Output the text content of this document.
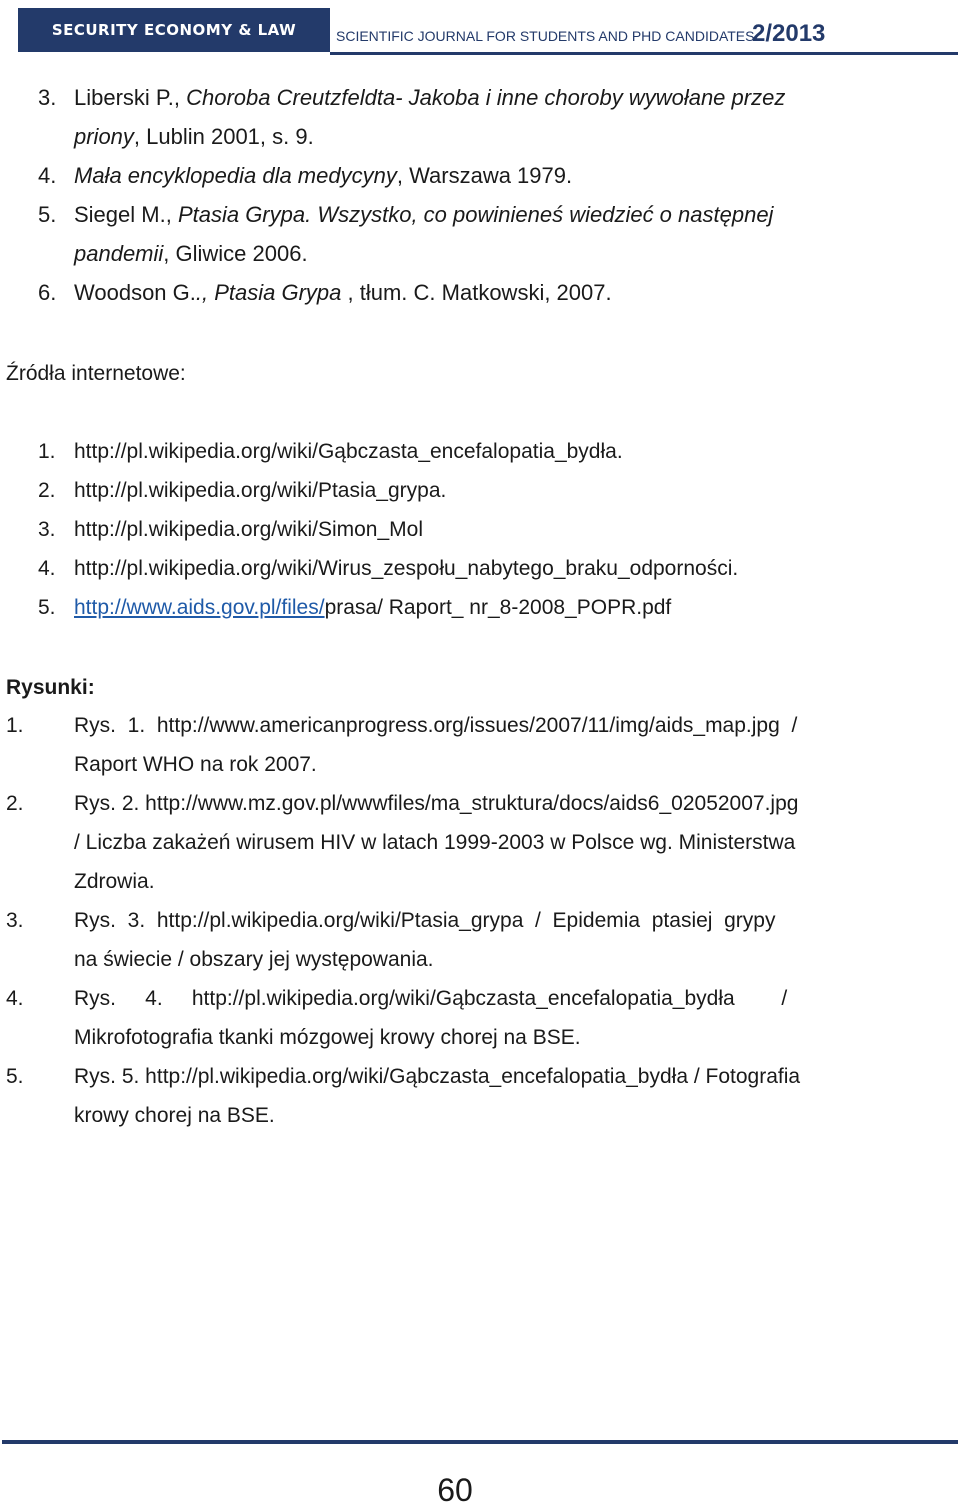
SECURITY ECONOMY & LAW	SCIENTIFIC JOURNAL FOR STUDENTS AND PHD CANDIDATES
2/2013
3. Liberski P., Choroba Creutzfeldta- Jakoba i inne choroby wywołane przez
priony, Lublin 2001, s. 9.
4. Mała encyklopedia dla medycyny, Warszawa 1979.
5. Siegel M., Ptasia Grypa. Wszystko, co powinieneś wiedzieć o następnej
pandemii, Gliwice 2006.
6. Woodson G.., Ptasia Grypa , tłum. C. Matkowski, 2007.
Źródła internetowe:
1. http://pl.wikipedia.org/wiki/Gąbczasta_encefalopatia_bydła.
2. http://pl.wikipedia.org/wiki/Ptasia_grypa.
3. http://pl.wikipedia.org/wiki/Simon_Mol
4. http://pl.wikipedia.org/wiki/Wirus_zespołu_nabytego_braku_odporności.
5. http://www.aids.gov.pl/files/prasa/ Raport_ nr_8-2008_POPR.pdf
Rysunki:
1. Rys.  1.  http://www.americanprogress.org/issues/2007/11/img/aids_map.jpg  /
Raport WHO na rok 2007.
2. Rys. 2. http://www.mz.gov.pl/wwwfiles/ma_struktura/docs/aids6_02052007.jpg
/ Liczba zakażeń wirusem HIV w latach 1999-2003 w Polsce wg. Ministerstwa
Zdrowia.
3. Rys.  3.  http://pl.wikipedia.org/wiki/Ptasia_grypa  /  Epidemia  ptasiej  grypy
na świecie / obszary jej występowania.
4. Rys.     4.     http://pl.wikipedia.org/wiki/Gąbczasta_encefalopatia_bydła        /
Mikrofotografia tkanki mózgowej krowy chorej na BSE.
5. Rys. 5. http://pl.wikipedia.org/wiki/Gąbczasta_encefalopatia_bydła / Fotografia
krowy chorej na BSE.
60
